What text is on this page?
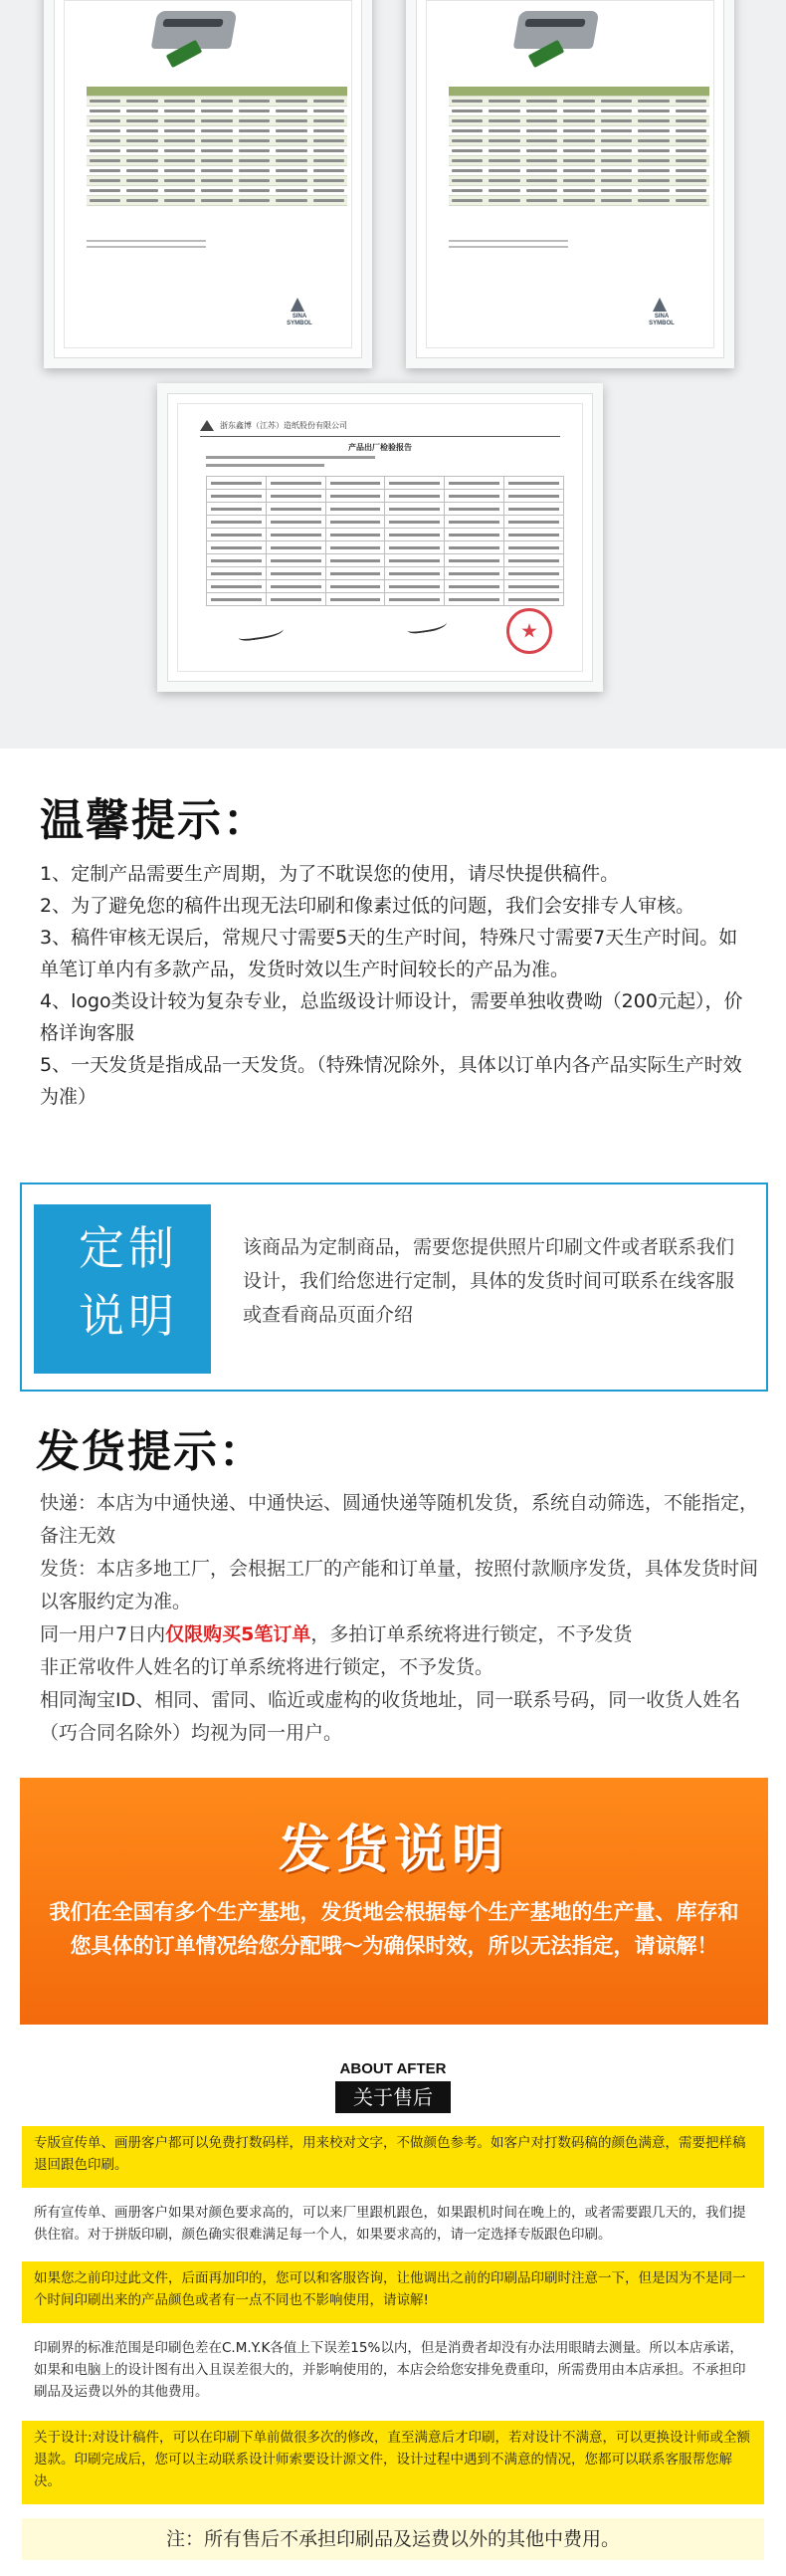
SINA
SYMBOL

SINA
SYMBOL
浙东鑫博（江苏）造纸股份有限公司
产品出厂检验报告

温馨提示：

1、定制产品需要生产周期，为了不耽误您的使用，请尽快提供稿件。

2、为了避免您的稿件出现无法印刷和像素过低的问题，我们会安排专人审核。

3、稿件审核无误后，常规尺寸需要5天的生产时间，特殊尺寸需要7天生产时间。如单笔订单内有多款产品，发货时效以生产时间较长的产品为准。

4、logo类设计较为复杂专业，总监级设计师设计，需要单独收费呦（200元起），价格详询客服

5、一天发货是指成品一天发货。（特殊情况除外，具体以订单内各产品实际生产时效为准）

定制说明
该商品为定制商品，需要您提供照片印刷文件或者联系我们设计，我们给您进行定制，具体的发货时间可联系在线客服或查看商品页面介绍
发货提示：

快递：本店为中通快递、中通快运、圆通快递等随机发货，系统自动筛选，不能指定，备注无效

发货：本店多地工厂，会根据工厂的产能和订单量，按照付款顺序发货，具体发货时间以客服约定为准。

同一用户7日内仅限购买5笔订单，多拍订单系统将进行锁定，不予发货

非正常收件人姓名的订单系统将进行锁定，不予发货。

相同淘宝ID、相同、雷同、临近或虚构的收货地址，同一联系号码，同一收货人姓名（巧合同名除外）均视为同一用户。

发货说明
我们在全国有多个生产基地，发货地会根据每个生产基地的生产量、库存和您具体的订单情况给您分配哦～为确保时效，所以无法指定，请谅解！
ABOUT AFTER
关于售后
专版宣传单、画册客户都可以免费打数码样，用来校对文字，不做颜色参考。如客户对打数码稿的颜色满意，需要把样稿退回跟色印刷。
所有宣传单、画册客户如果对颜色要求高的，可以来厂里跟机跟色，如果跟机时间在晚上的，或者需要跟几天的，我们提供住宿。对于拼版印刷，颜色确实很难满足每一个人，如果要求高的，请一定选择专版跟色印刷。
如果您之前印过此文件，后面再加印的，您可以和客服咨询，让他调出之前的印刷品印刷时注意一下，但是因为不是同一个时间印刷出来的产品颜色或者有一点不同也不影响使用，请谅解!
印刷界的标准范围是印刷色差在C.M.Y.K各值上下误差15%以内，但是消费者却没有办法用眼睛去测量。所以本店承诺，如果和电脑上的设计图有出入且误差很大的，并影响使用的，本店会给您安排免费重印，所需费用由本店承担。不承担印刷品及运费以外的其他费用。
关于设计:对设计稿件，可以在印刷下单前做很多次的修改，直至满意后才印刷，若对设计不满意，可以更换设计师或全额退款。印刷完成后，您可以主动联系设计师索要设计源文件，设计过程中遇到不满意的情况，您都可以联系客服帮您解决。
注：所有售后不承担印刷品及运费以外的其他中费用。
